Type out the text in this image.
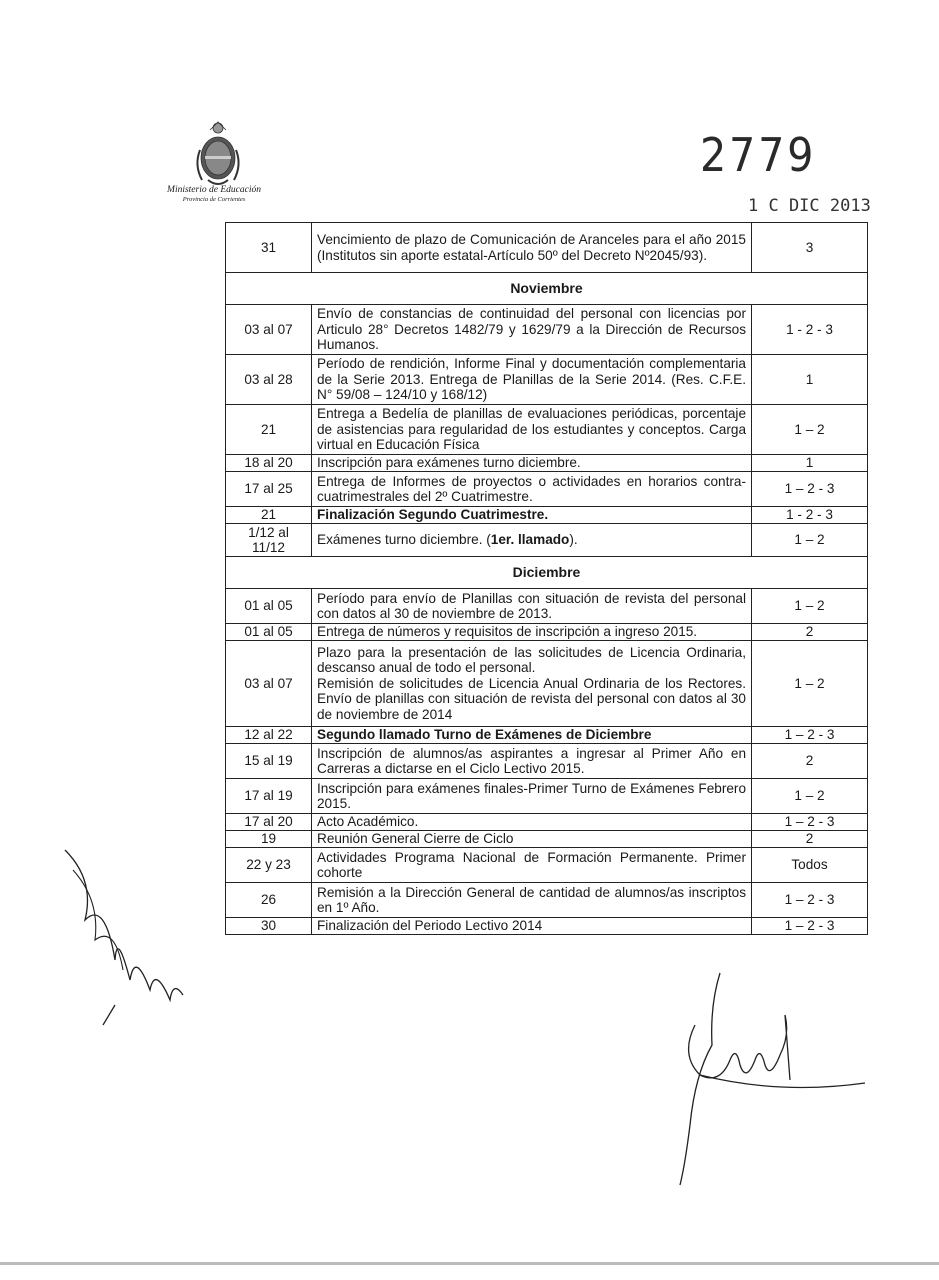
Ministerio de Educación
Provincia de Corrientes
2779
1 C DIC 2013
31	Vencimiento de plazo de Comunicación de Aranceles para el año 2015 (Institutos sin aporte estatal-Artículo 50º del Decreto Nº2045/93).	3
Noviembre		
03 al 07	Envío de constancias de continuidad del personal con licencias por Articulo 28° Decretos 1482/79 y 1629/79 a la Dirección de Recursos Humanos.	1 - 2 - 3
03 al 28	Período de rendición, Informe Final y documentación complementaria de la Serie 2013. Entrega de Planillas de la Serie 2014. (Res. C.F.E. N° 59/08 – 124/10 y 168/12)	1
21	Entrega a Bedelía de planillas de evaluaciones periódicas, porcentaje de asistencias para regularidad de los estudiantes y conceptos. Carga virtual en Educación Física	1 – 2
18 al 20	Inscripción para exámenes turno diciembre.	1
17 al 25	Entrega de Informes de proyectos o actividades en horarios contra-cuatrimestrales del 2º Cuatrimestre.	1 – 2 - 3
21	Finalización Segundo Cuatrimestre.	1 - 2 - 3
1/12 al 11/12	Exámenes turno diciembre. (1er. llamado).	1 – 2
Diciembre		
01 al 05	Período para envío de Planillas con situación de revista del personal con datos al 30 de noviembre de 2013.	1 – 2
01 al 05	Entrega de números y requisitos de inscripción a ingreso 2015.	2
03 al 07	Plazo para la presentación de las solicitudes de Licencia Ordinaria, descanso anual de todo el personal.
Remisión de solicitudes de Licencia Anual Ordinaria de los Rectores. Envío de planillas con situación de revista del personal con datos al 30 de noviembre de 2014	1 – 2
12 al 22	Segundo llamado Turno de Exámenes de Diciembre	1 – 2 - 3
15 al 19	Inscripción de alumnos/as aspirantes a ingresar al Primer Año en Carreras a dictarse en el Ciclo Lectivo 2015.	2
17 al 19	Inscripción para exámenes finales-Primer Turno de Exámenes Febrero 2015.	1 – 2
17 al 20	Acto Académico.	1 – 2 - 3
19	Reunión General Cierre de Ciclo	2
22 y 23	Actividades Programa Nacional de Formación Permanente. Primer cohorte	Todos
26	Remisión a la Dirección General de cantidad de alumnos/as inscriptos en 1º Año.	1 – 2 - 3
30	Finalización del Periodo Lectivo 2014	1 – 2 - 3
